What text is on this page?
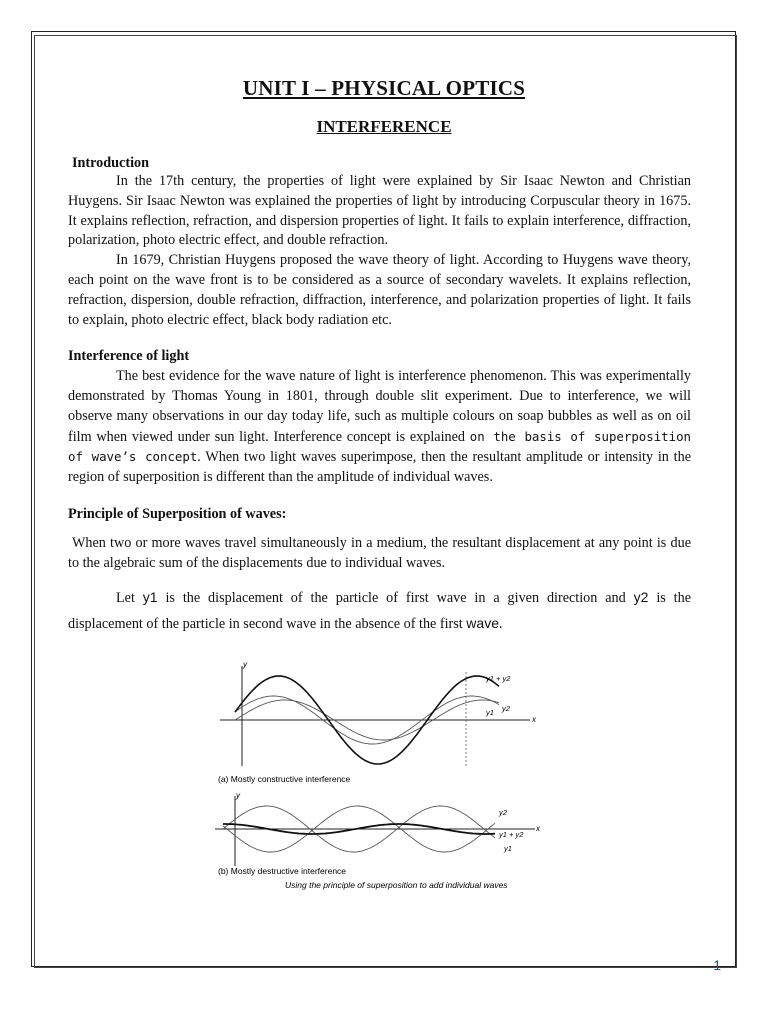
UNIT I – PHYSICAL OPTICS
INTERFERENCE

Introduction

In the 17th century, the properties of light were explained by Sir Isaac Newton and Christian Huygens. Sir Isaac Newton was explained the properties of light by introducing Corpuscular theory in 1675. It explains reflection, refraction, and dispersion properties of light. It fails to explain interference, diffraction, polarization, photo electric effect, and double refraction.

In 1679, Christian Huygens proposed the wave theory of light. According to Huygens wave theory, each point on the wave front is to be considered as a source of secondary wavelets. It explains reflection, refraction, dispersion, double refraction, diffraction, interference, and polarization properties of light. It fails to explain, photo electric effect, black body radiation etc.

Interference of light

The best evidence for the wave nature of light is interference phenomenon. This was experimentally demonstrated by Thomas Young in 1801, through double slit experiment. Due to interference, we will observe many observations in our day today life, such as multiple colours on soap bubbles as well as on oil film when viewed under sun light. Interference concept is explained on the basis of superposition of wave’s concept. When two light waves superimpose, then the resultant amplitude or intensity in the region of superposition is different than the amplitude of individual waves.

Principle of Superposition of waves:

When two or more waves travel simultaneously in a medium, the resultant displacement at any point is due to the algebraic sum of the displacements due to individual waves.

Let y1 is the displacement of the particle of first wave in a given direction and y2 is the displacement of the particle in second wave in the absence of the first wave.

y
x
y1 + y2
y1 y2
(a) Mostly constructive interference
y
x
y2
y1 + y2
y1
(b) Mostly destructive interference
Using the principle of superposition to add individual waves
1
